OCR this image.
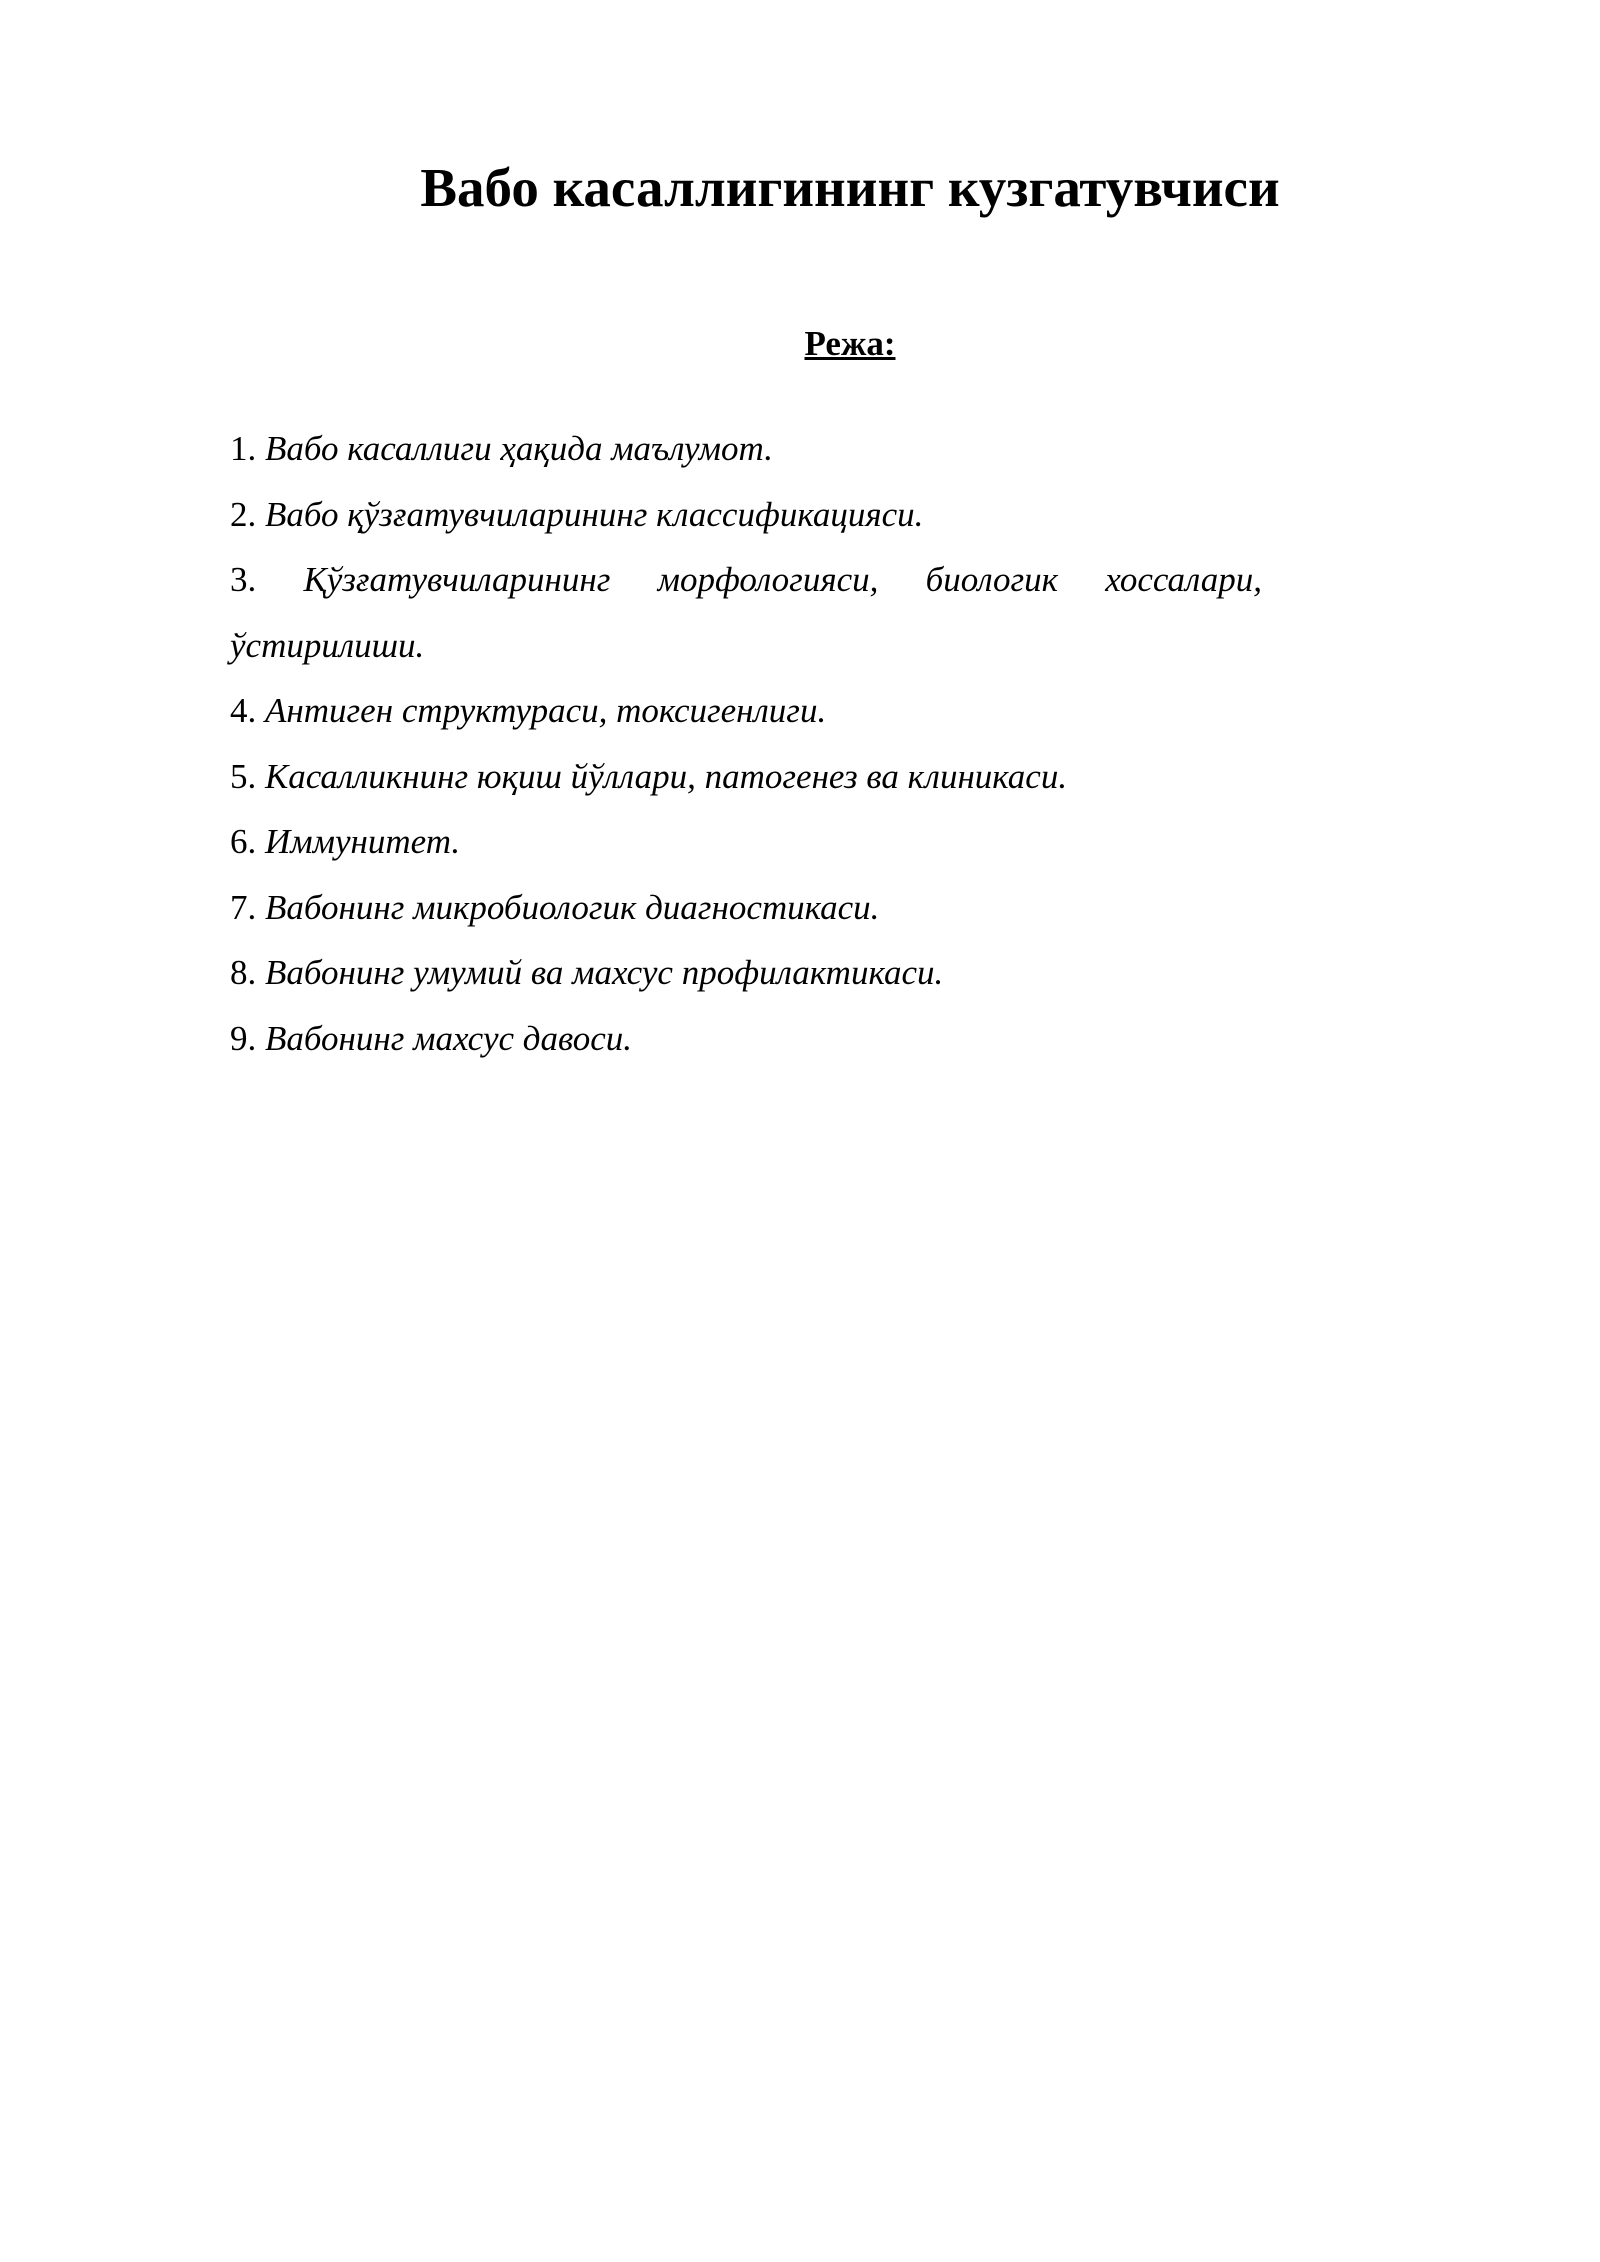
Вабо касаллигининг кузгатувчиси
Режа:
1. Вабо касаллиги ҳақида маълумот.
2. Вабо қўзғатувчиларининг классификацияси.
3. Қўзғатувчиларининг морфологияси, биологик хоссалари, ўстирилиши.
4. Антиген структураси, токсигенлиги.
5. Касалликнинг юқиш йўллари, патогенез ва клиникаси.
6. Иммунитет.
7. Вабонинг микробиологик диагностикаси.
8. Вабонинг умумий ва махсус профилактикаси.
9. Вабонинг махсус давоси.
